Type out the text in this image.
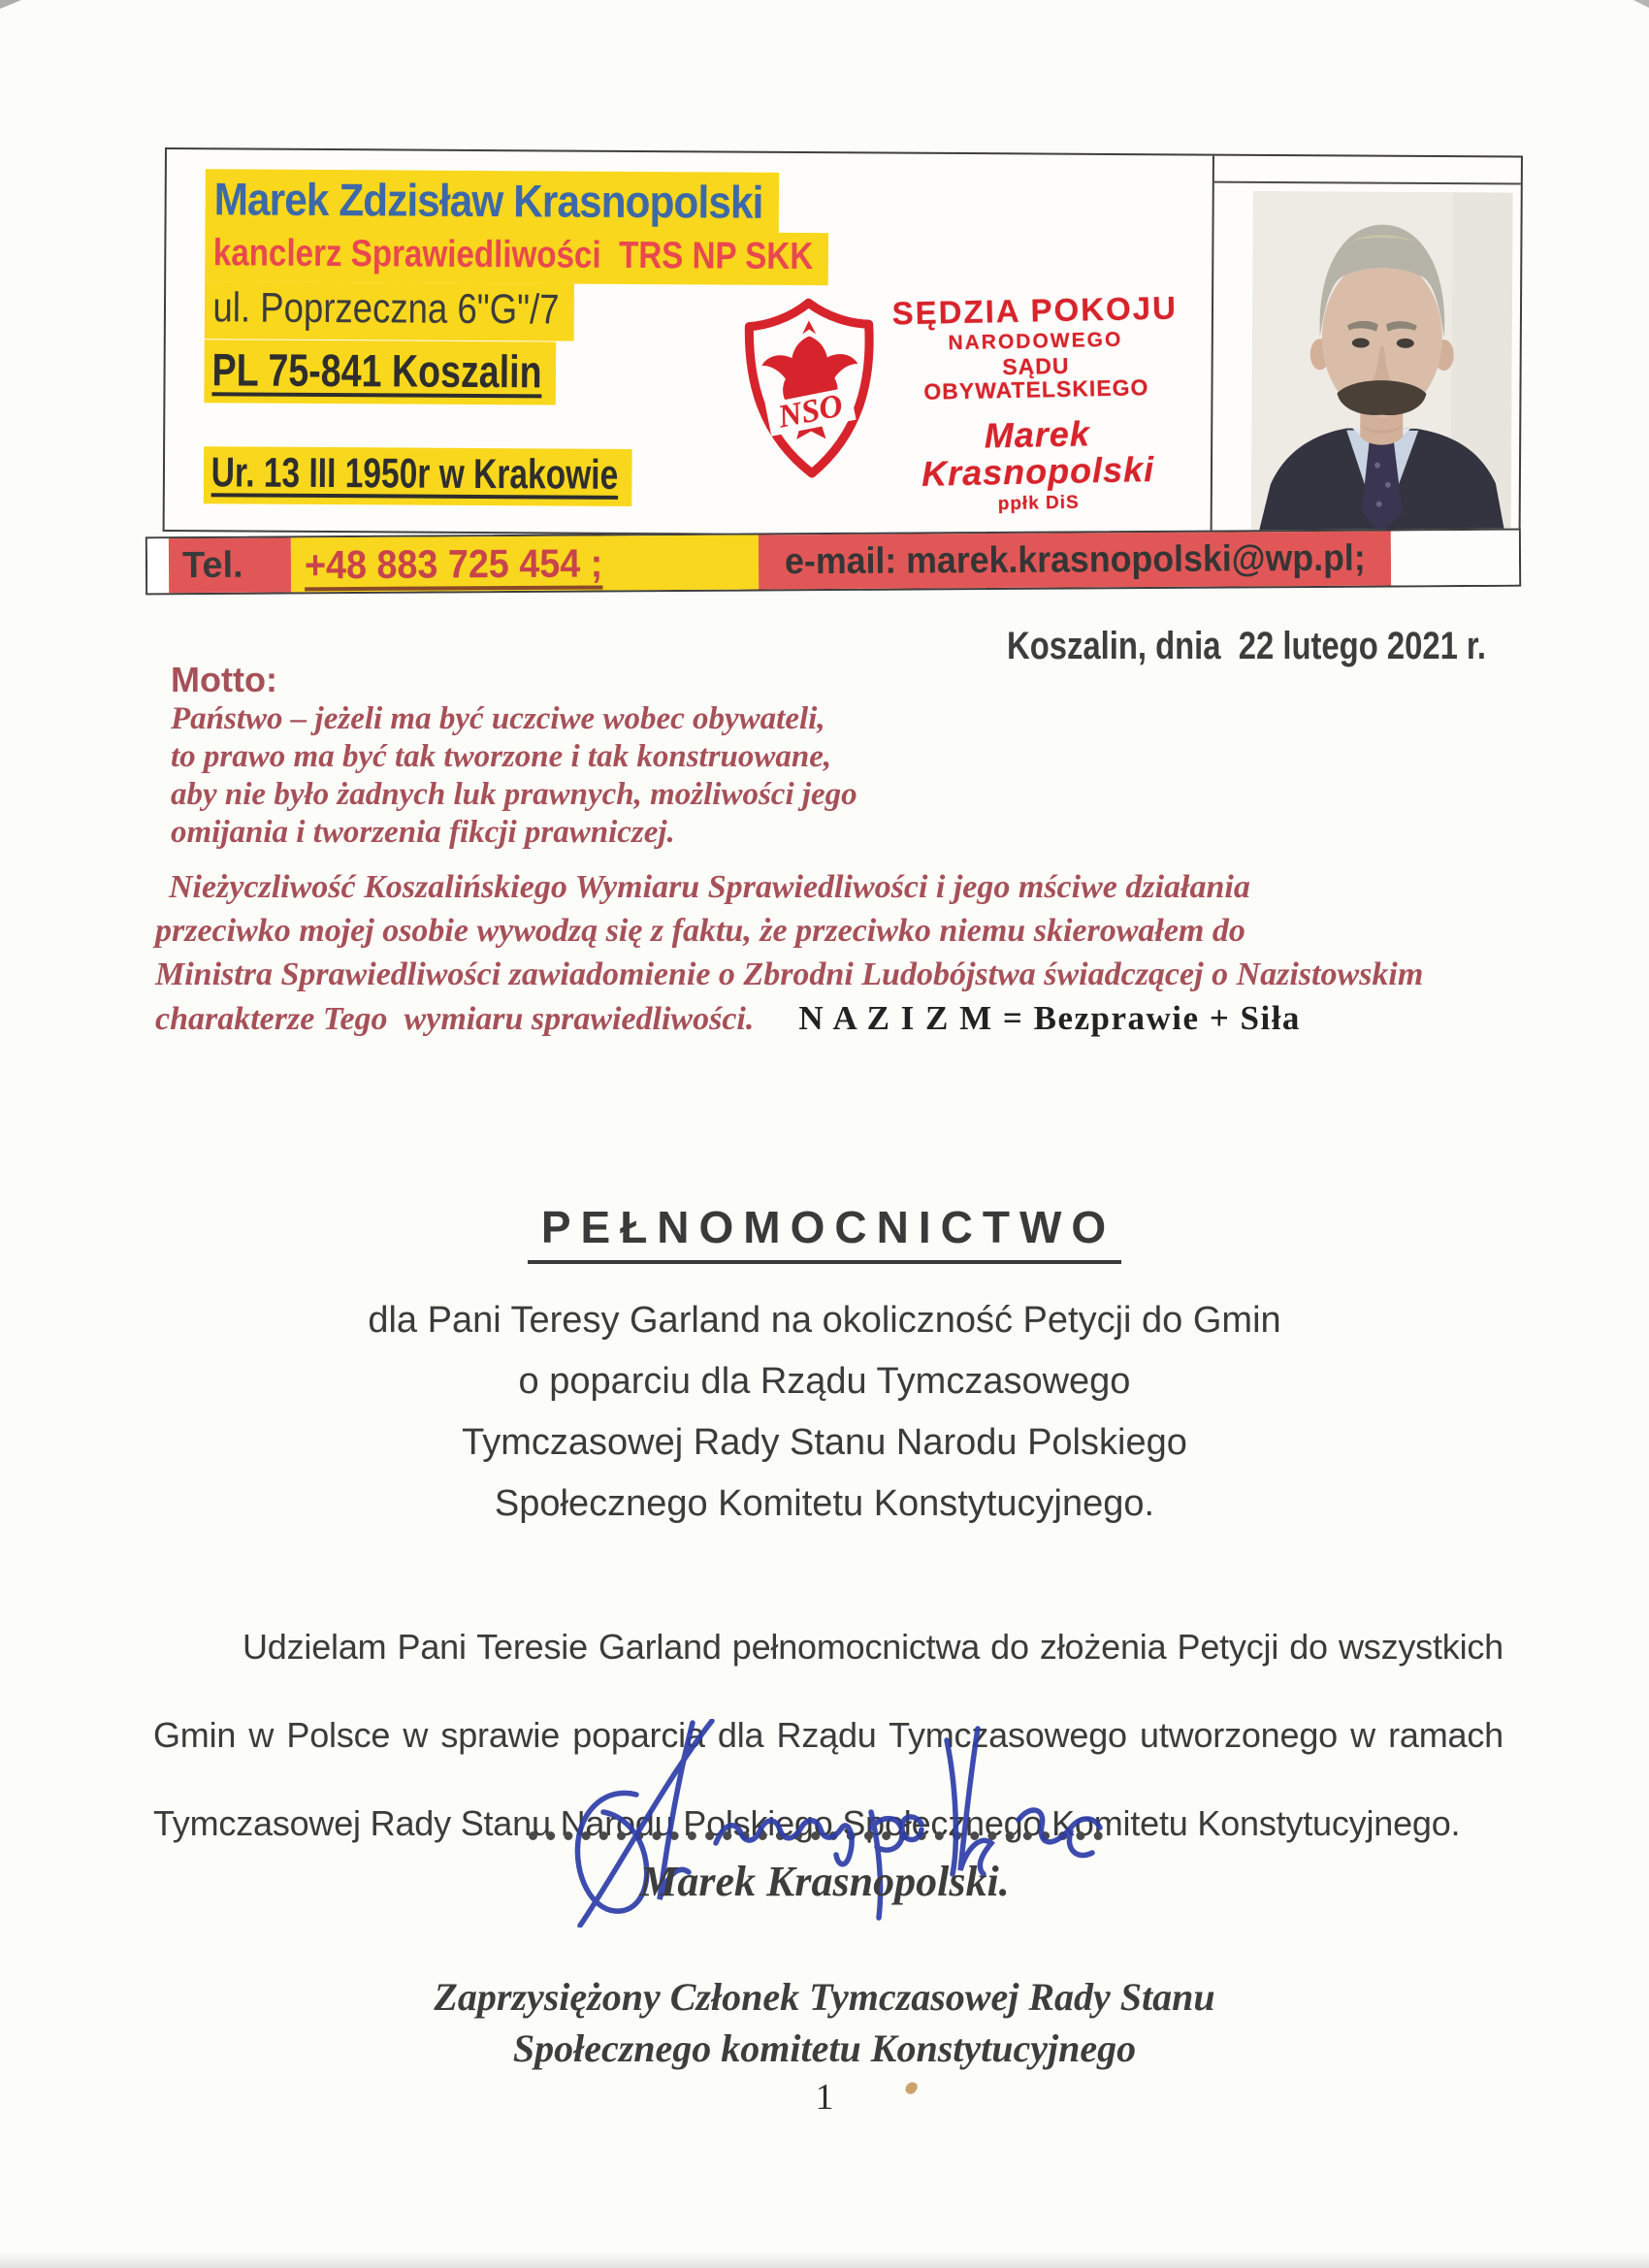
Marek Zdzisław Krasnopolski
kanclerz Sprawiedliwości  TRS NP SKK
ul. Poprzeczna 6"G"/7
PL 75-841 Koszalin
Ur. 13 III 1950r w Krakowie
NSO
SĘDZIA POKOJU
NARODOWEGO
SĄDU OBYWATELSKIEGO
Marek Krasnopolski
ppłk DiS
Tel.	+48 883 725 454 ;	e-mail: marek.krasnopolski@wp.pl;
Koszalin, dnia  22 lutego 2021 r.
Motto:
Państwo – jeżeli ma być uczciwe wobec obywateli,
to prawo ma być tak tworzone i tak konstruowane,
aby nie było żadnych luk prawnych, możliwości jego
omijania i tworzenia fikcji prawniczej.
Nieżyczliwość Koszalińskiego Wymiaru Sprawiedliwości i jego mściwe działania
przeciwko mojej osobie wywodzą się z faktu, że przeciwko niemu skierowałem do
Ministra Sprawiedliwości zawiadomienie o Zbrodni Ludobójstwa świadczącej o Nazistowskim
charakterze Tego  wymiaru sprawiedliwości. N A Z I Z M = Bezprawie + Siła
PEŁNOMOCNICTWO
dla Pani Teresy Garland na okoliczność Petycji do Gmin
o poparciu dla Rządu Tymczasowego
Tymczasowej Rady Stanu Narodu Polskiego
Społecznego Komitetu Konstytucyjnego.
Udzielam Pani Teresie Garland pełnomocnictwa do złożenia Petycji do wszystkich Gmin w Polsce w sprawie poparcia dla Rządu Tymczasowego utworzonego w ramach Tymczasowej Rady Stanu Narodu Polskiego Społecznego Komitetu Konstytucyjnego.
Marek Krasnopolski.
Zaprzysiężony Członek Tymczasowej Rady Stanu
Społecznego komitetu Konstytucyjnego
1
